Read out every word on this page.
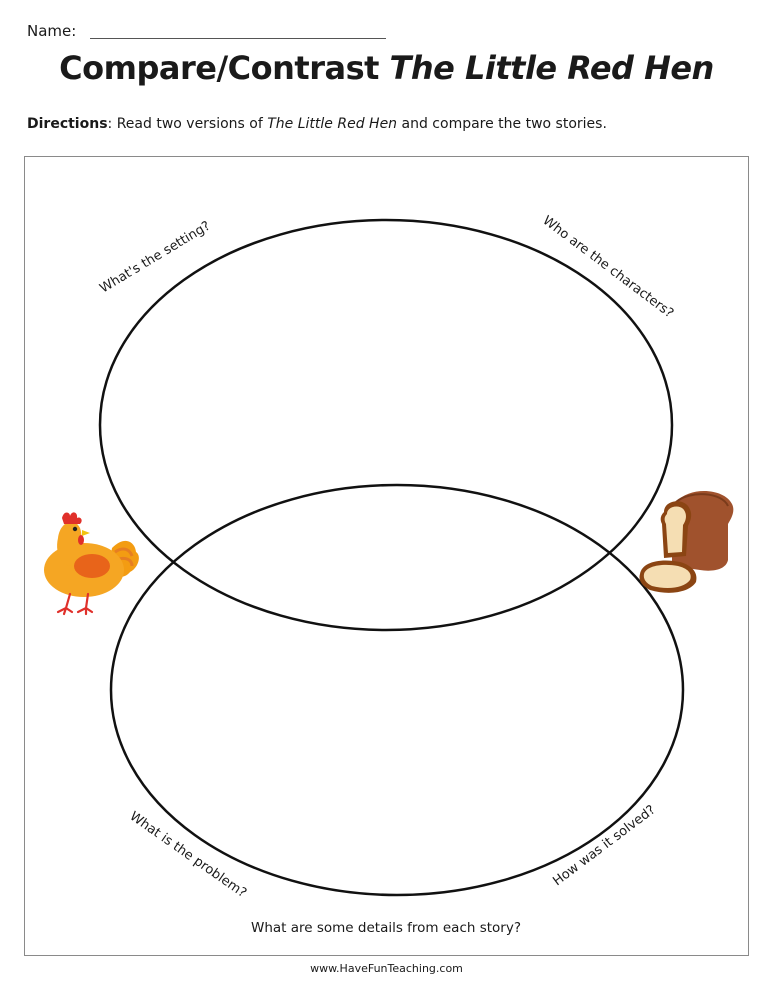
Name:
Compare/Contrast The Little Red Hen
Directions: Read two versions of The Little Red Hen and compare the two stories.
What's the setting?	Who are the characters?
What is the problem?	How was it solved?
What are some details from each story?
www.HaveFunTeaching.com
